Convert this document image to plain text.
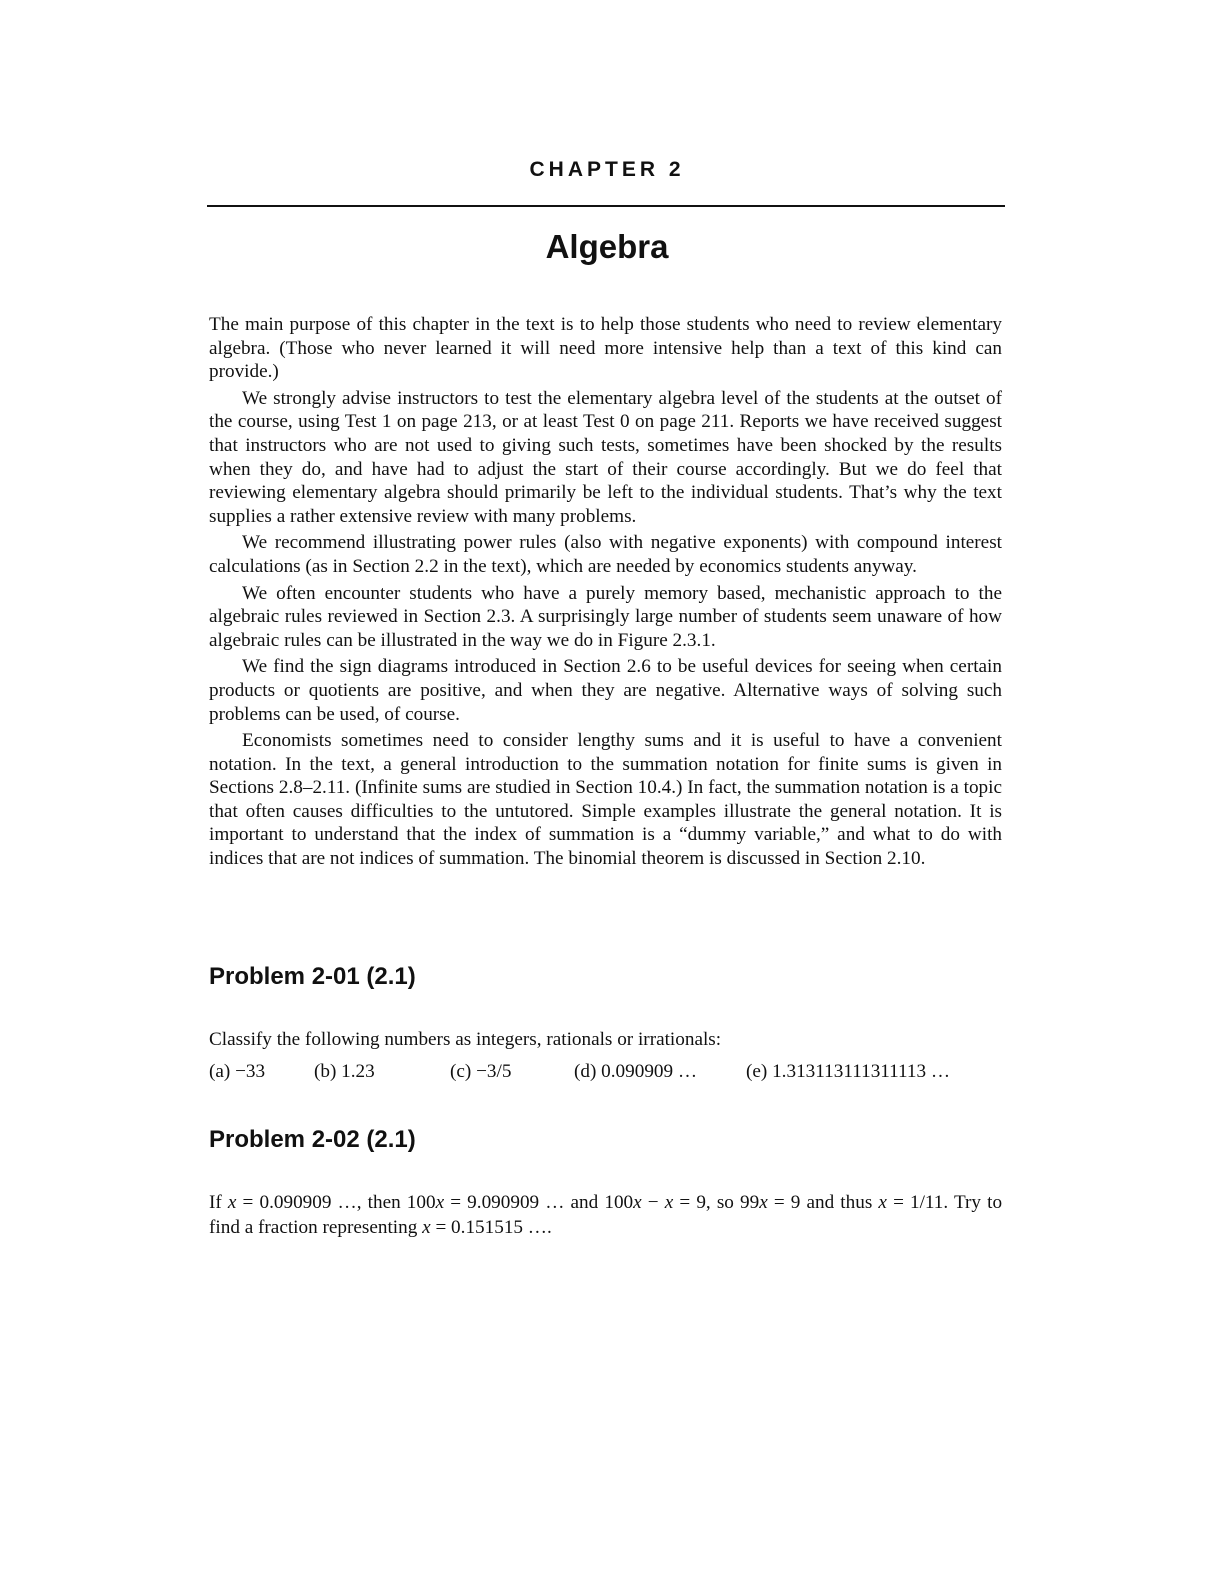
CHAPTER 2
Algebra

The main purpose of this chapter in the text is to help those students who need to review elementary algebra. (Those who never learned it will need more intensive help than a text of this kind can provide.)

We strongly advise instructors to test the elementary algebra level of the students at the outset of the course, using Test 1 on page 213, or at least Test 0 on page 211. Reports we have received suggest that instructors who are not used to giving such tests, sometimes have been shocked by the results when they do, and have had to adjust the start of their course accordingly. But we do feel that reviewing elementary algebra should primarily be left to the individual students. That’s why the text supplies a rather extensive review with many problems.

We recommend illustrating power rules (also with negative exponents) with compound interest calculations (as in Section 2.2 in the text), which are needed by economics students anyway.

We often encounter students who have a purely memory based, mechanistic approach to the algebraic rules reviewed in Section 2.3. A surprisingly large number of students seem unaware of how algebraic rules can be illustrated in the way we do in Figure 2.3.1.

We find the sign diagrams introduced in Section 2.6 to be useful devices for seeing when certain products or quotients are positive, and when they are negative. Alternative ways of solving such problems can be used, of course.

Economists sometimes need to consider lengthy sums and it is useful to have a convenient notation. In the text, a general introduction to the summation notation for finite sums is given in Sections 2.8–2.11. (Infinite sums are studied in Section 10.4.) In fact, the summation notation is a topic that often causes difficulties to the untutored. Simple examples illustrate the general notation. It is important to understand that the index of summation is a “dummy variable,” and what to do with indices that are not indices of summation. The binomial theorem is discussed in Section 2.10.

Problem 2-01 (2.1)

Classify the following numbers as integers, rationals or irrationals:

(a) −33	(b) 1.23	(c) −3/5	(d) 0.090909 …	(e) 1.313113111311113 …
Problem 2-02 (2.1)

If x = 0.090909 …, then 100x = 9.090909 … and 100x − x = 9, so 99x = 9 and thus x = 1/11. Try to find a fraction representing x = 0.151515 ….
